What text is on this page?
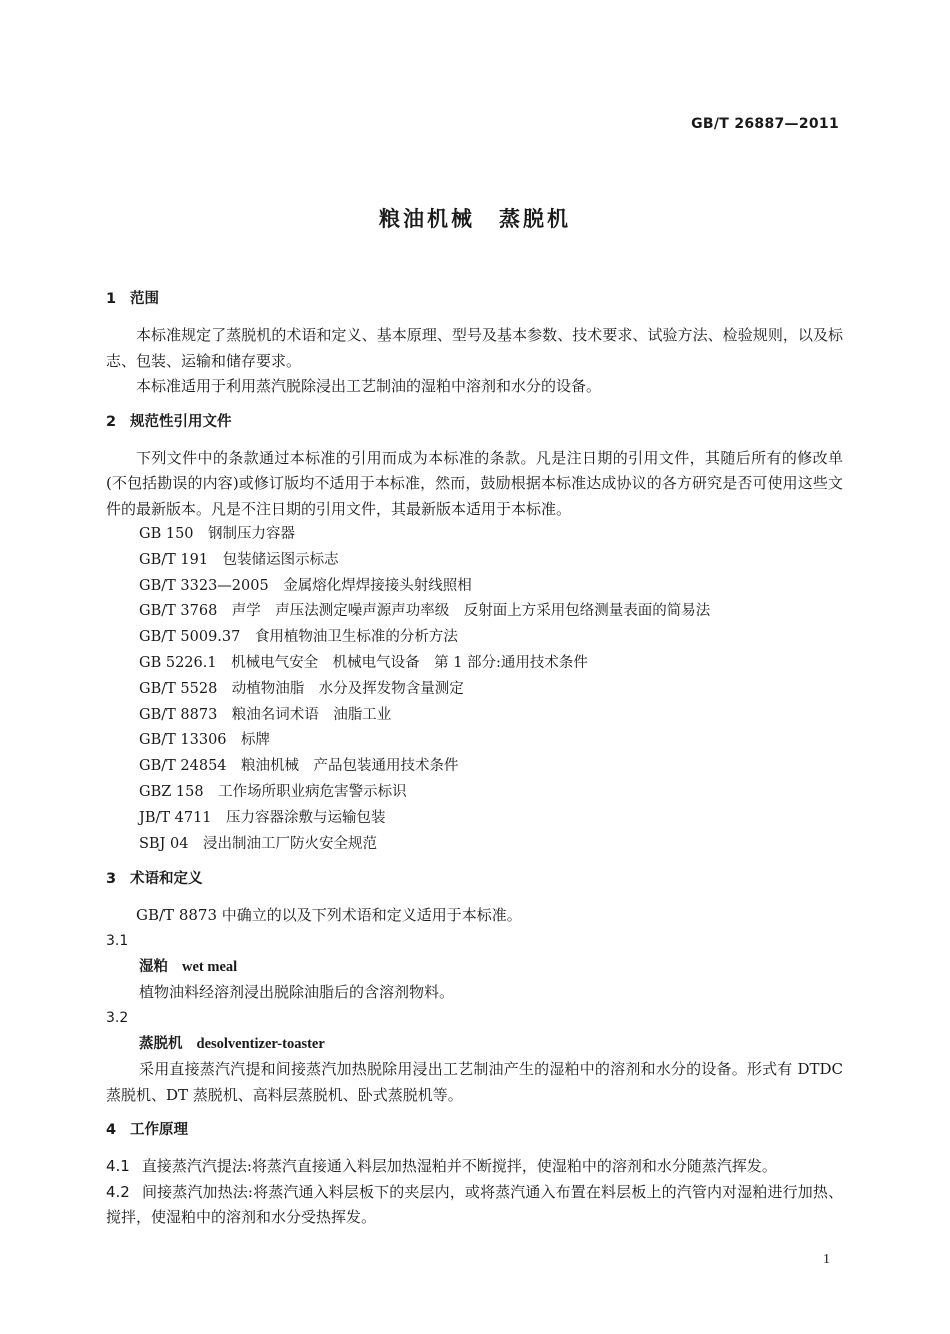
GB/T 26887—2011
粮油机械　蒸脱机
1 范围

本标准规定了蒸脱机的术语和定义、基本原理、型号及基本参数、技术要求、试验方法、检验规则，以及标志、包装、运输和储存要求。

本标准适用于利用蒸汽脱除浸出工艺制油的湿粕中溶剂和水分的设备。

2 规范性引用文件

下列文件中的条款通过本标准的引用而成为本标准的条款。凡是注日期的引用文件，其随后所有的修改单(不包括勘误的内容)或修订版均不适用于本标准，然而，鼓励根据本标准达成协议的各方研究是否可使用这些文件的最新版本。凡是不注日期的引用文件，其最新版本适用于本标准。

GB 150　钢制压力容器
GB/T 191　包装储运图示标志
GB/T 3323—2005　金属熔化焊焊接接头射线照相
GB/T 3768　声学　声压法测定噪声源声功率级　反射面上方采用包络测量表面的简易法
GB/T 5009.37　食用植物油卫生标准的分析方法
GB 5226.1　机械电气安全　机械电气设备　第 1 部分:通用技术条件
GB/T 5528　动植物油脂　水分及挥发物含量测定
GB/T 8873　粮油名词术语　油脂工业
GB/T 13306　标牌
GB/T 24854　粮油机械　产品包装通用技术条件
GBZ 158　工作场所职业病危害警示标识
JB/T 4711　压力容器涂敷与运输包装
SBJ 04　浸出制油工厂防火安全规范
3 术语和定义

GB/T 8873 中确立的以及下列术语和定义适用于本标准。

3.1
湿粕 wet meal
植物油料经溶剂浸出脱除油脂后的含溶剂物料。
3.2
蒸脱机 desolventizer-toaster

采用直接蒸汽汽提和间接蒸汽加热脱除用浸出工艺制油产生的湿粕中的溶剂和水分的设备。形式有 DTDC 蒸脱机、DT 蒸脱机、高料层蒸脱机、卧式蒸脱机等。

4 工作原理

4.1 直接蒸汽汽提法:将蒸汽直接通入料层加热湿粕并不断搅拌，使湿粕中的溶剂和水分随蒸汽挥发。

4.2 间接蒸汽加热法:将蒸汽通入料层板下的夹层内，或将蒸汽通入布置在料层板上的汽管内对湿粕进行加热、搅拌，使湿粕中的溶剂和水分受热挥发。

1
